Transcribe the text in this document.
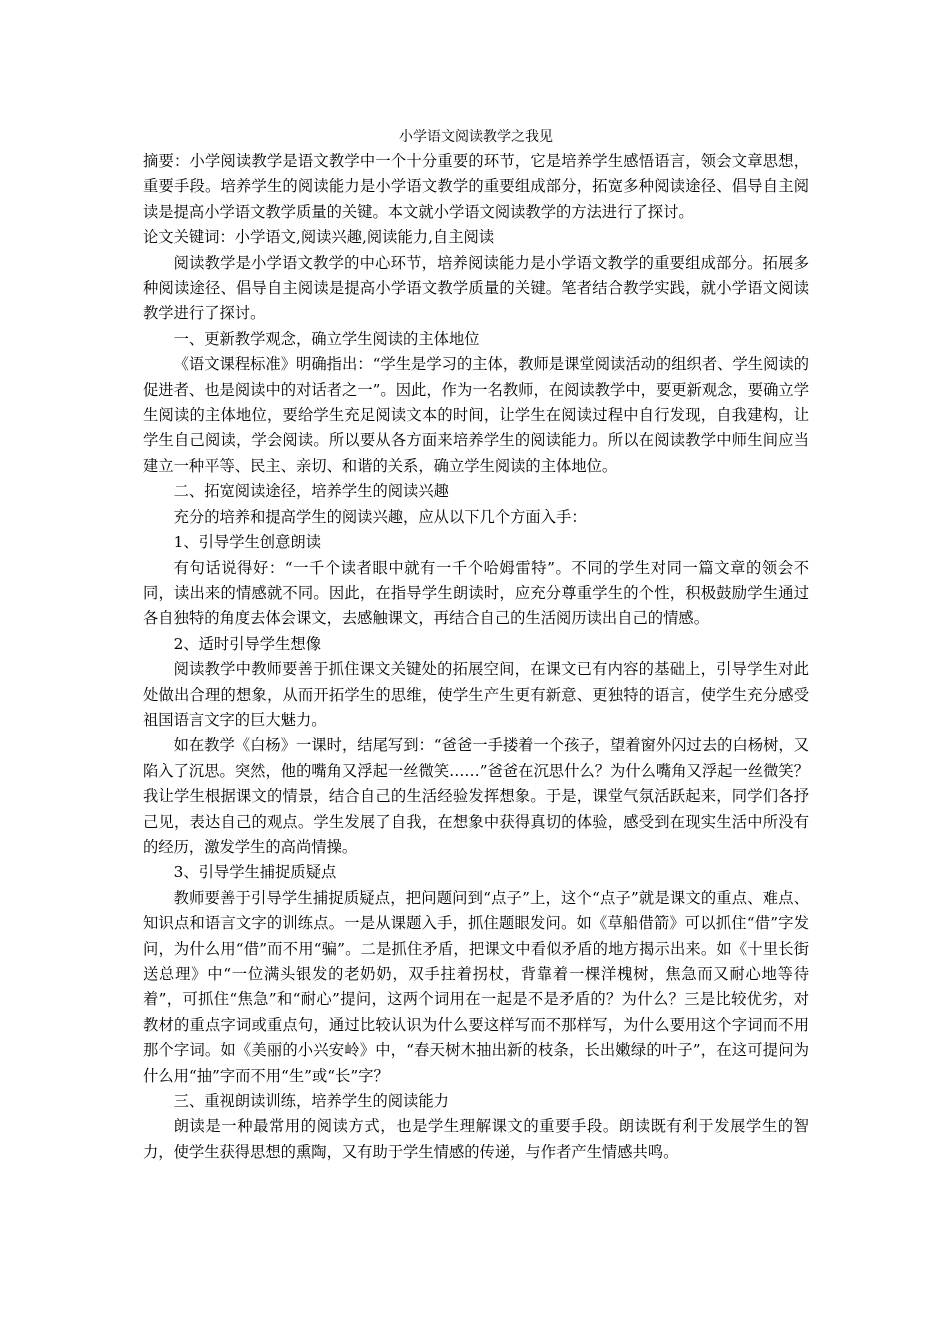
小学语文阅读教学之我见

摘要：小学阅读教学是语文教学中一个十分重要的环节，它是培养学生感悟语言，领会文章思想，重要手段。培养学生的阅读能力是小学语文教学的重要组成部分，拓宽多种阅读途径、倡导自主阅读是提高小学语文教学质量的关键。本文就小学语文阅读教学的方法进行了探讨。

论文关键词：小学语文,阅读兴趣,阅读能力,自主阅读

阅读教学是小学语文教学的中心环节，培养阅读能力是小学语文教学的重要组成部分。拓展多种阅读途径、倡导自主阅读是提高小学语文教学质量的关键。笔者结合教学实践，就小学语文阅读教学进行了探讨。

一、更新教学观念，确立学生阅读的主体地位

《语文课程标准》明确指出：“学生是学习的主体，教师是课堂阅读活动的组织者、学生阅读的促进者、也是阅读中的对话者之一”。因此，作为一名教师，在阅读教学中，要更新观念，要确立学生阅读的主体地位，要给学生充足阅读文本的时间，让学生在阅读过程中自行发现，自我建构，让学生自己阅读，学会阅读。所以要从各方面来培养学生的阅读能力。所以在阅读教学中师生间应当建立一种平等、民主、亲切、和谐的关系，确立学生阅读的主体地位。

二、拓宽阅读途径，培养学生的阅读兴趣

充分的培养和提高学生的阅读兴趣，应从以下几个方面入手：

1、引导学生创意朗读

有句话说得好：“一千个读者眼中就有一千个哈姆雷特”。不同的学生对同一篇文章的领会不同，读出来的情感就不同。因此，在指导学生朗读时，应充分尊重学生的个性，积极鼓励学生通过各自独特的角度去体会课文，去感触课文，再结合自己的生活阅历读出自己的情感。

2、适时引导学生想像

阅读教学中教师要善于抓住课文关键处的拓展空间，在课文已有内容的基础上，引导学生对此处做出合理的想象，从而开拓学生的思维，使学生产生更有新意、更独特的语言，使学生充分感受祖国语言文字的巨大魅力。

如在教学《白杨》一课时，结尾写到：“爸爸一手搂着一个孩子，望着窗外闪过去的白杨树，又陷入了沉思。突然，他的嘴角又浮起一丝微笑……”爸爸在沉思什么？为什么嘴角又浮起一丝微笑？我让学生根据课文的情景，结合自己的生活经验发挥想象。于是，课堂气氛活跃起来，同学们各抒己见，表达自己的观点。学生发展了自我，在想象中获得真切的体验，感受到在现实生活中所没有的经历，激发学生的高尚情操。

3、引导学生捕捉质疑点

教师要善于引导学生捕捉质疑点，把问题问到“点子”上，这个“点子”就是课文的重点、难点、知识点和语言文字的训练点。一是从课题入手，抓住题眼发问。如《草船借箭》可以抓住“借”字发问，为什么用“借”而不用“骗”。二是抓住矛盾，把课文中看似矛盾的地方揭示出来。如《十里长街送总理》中“一位满头银发的老奶奶，双手拄着拐杖，背靠着一棵洋槐树，焦急而又耐心地等待着”，可抓住“焦急”和“耐心”提问，这两个词用在一起是不是矛盾的？为什么？三是比较优劣，对教材的重点字词或重点句，通过比较认识为什么要这样写而不那样写，为什么要用这个字词而不用那个字词。如《美丽的小兴安岭》中，“春天树木抽出新的枝条，长出嫩绿的叶子”，在这可提问为什么用“抽”字而不用“生”或“长”字？

三、重视朗读训练，培养学生的阅读能力

朗读是一种最常用的阅读方式，也是学生理解课文的重要手段。朗读既有利于发展学生的智力，使学生获得思想的熏陶，又有助于学生情感的传递，与作者产生情感共鸣。
